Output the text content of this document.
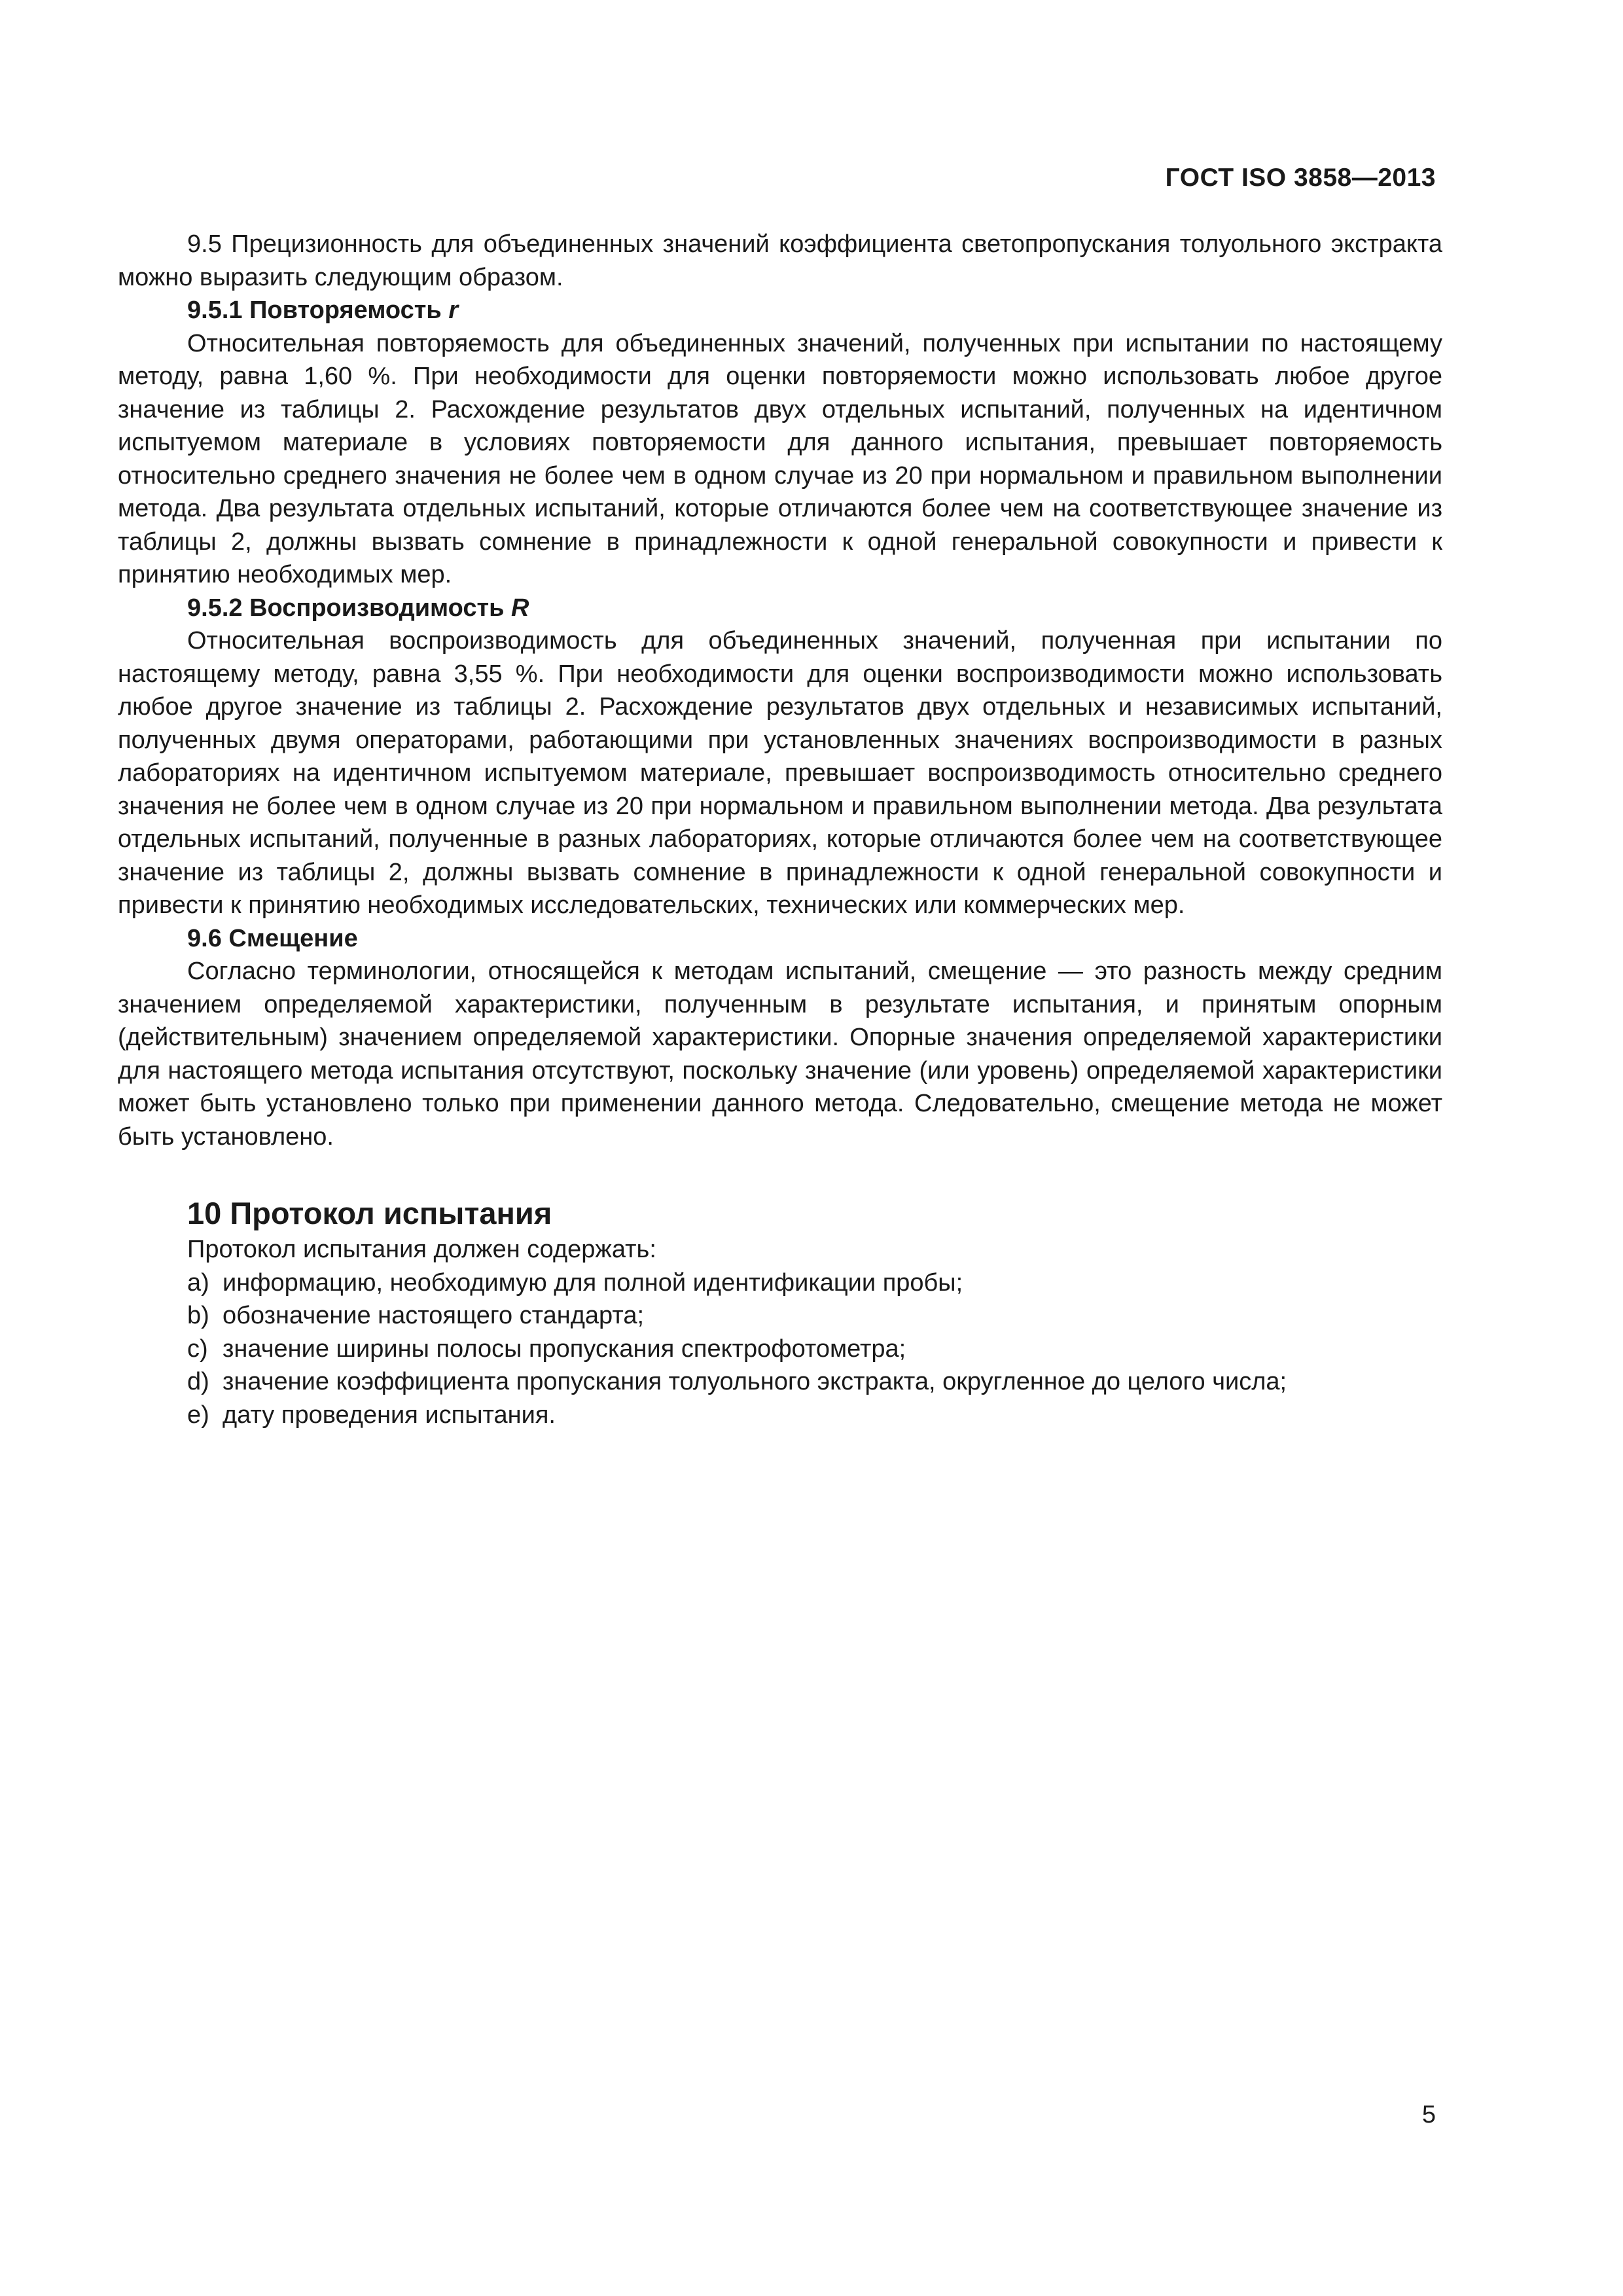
ГОСТ ISO 3858—2013

9.5 Прецизионность для объединенных значений коэффициента светопропускания толуольного экстракта можно выразить следующим образом.

9.5.1 Повторяемость r

Относительная повторяемость для объединенных значений, полученных при испытании по настоящему методу, равна 1,60 %. При необходимости для оценки повторяемости можно использовать любое другое значение из таблицы 2. Расхождение результатов двух отдельных испытаний, полученных на идентичном испытуемом материале в условиях повторяемости для данного испытания, превышает повторяемость относительно среднего значения не более чем в одном случае из 20 при нормальном и правильном выполнении метода. Два результата отдельных испытаний, которые отличаются более чем на соответствующее значение из таблицы 2, должны вызвать сомнение в принадлежности к одной генеральной совокупности и привести к принятию необходимых мер.

9.5.2 Воспроизводимость R

Относительная воспроизводимость для объединенных значений, полученная при испытании по настоящему методу, равна 3,55 %. При необходимости для оценки воспроизводимости можно использовать любое другое значение из таблицы 2. Расхождение результатов двух отдельных и независимых испытаний, полученных двумя операторами, работающими при установленных значениях воспроизводимости в разных лабораториях на идентичном испытуемом материале, превышает воспроизводимость относительно среднего значения не более чем в одном случае из 20 при нормальном и правильном выполнении метода. Два результата отдельных испытаний, полученные в разных лабораториях, которые отличаются более чем на соответствующее значение из таблицы 2, должны вызвать сомнение в принадлежности к одной генеральной совокупности и привести к принятию необходимых исследовательских, технических или коммерческих мер.

9.6 Смещение

Согласно терминологии, относящейся к методам испытаний, смещение — это разность между средним значением определяемой характеристики, полученным в результате испытания, и принятым опорным (действительным) значением определяемой характеристики. Опорные значения определяемой характеристики для настоящего метода испытания отсутствуют, поскольку значение (или уровень) определяемой характеристики может быть установлено только при применении данного метода. Следовательно, смещение метода не может быть установлено.

10 Протокол испытания

Протокол испытания должен содержать:

a) информацию, необходимую для полной идентификации пробы;
b) обозначение настоящего стандарта;
c) значение ширины полосы пропускания спектрофотометра;
d) значение коэффициента пропускания толуольного экстракта, округленное до целого числа;
e) дату проведения испытания.
5
